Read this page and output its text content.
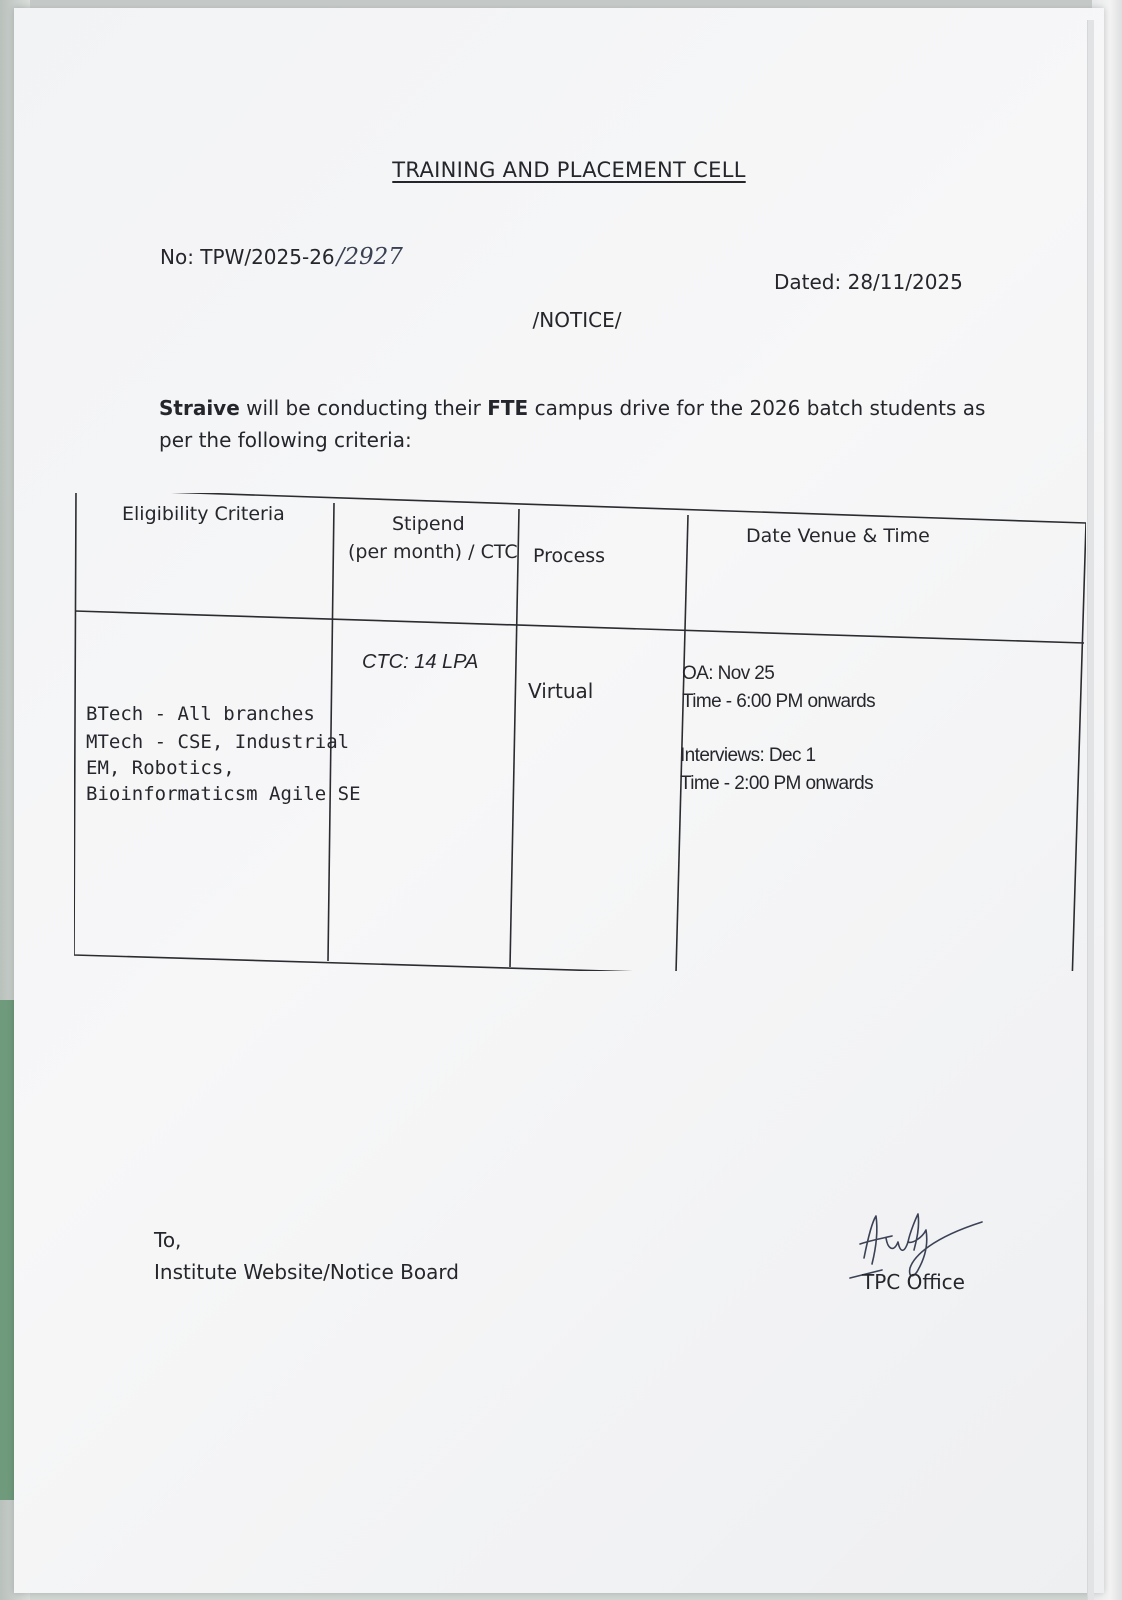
TRAINING AND PLACEMENT CELL
No: TPW/2025-26/2927
Dated: 28/11/2025
/NOTICE/
Straive will be conducting their FTE campus drive for the 2026 batch students as per the following criteria:
Eligibility Criteria	Stipend
(per month) / CTC Process
Date Venue & Time
BTech - All branches
MTech - CSE, Industrial
EM, Robotics,
Bioinformaticsm Agile SE
CTC: 14 LPA
Virtual
OA: Nov 25
Time - 6:00 PM onwards
Interviews: Dec 1
Time - 2:00 PM onwards
To,
Institute Website/Notice Board	TPC Office
